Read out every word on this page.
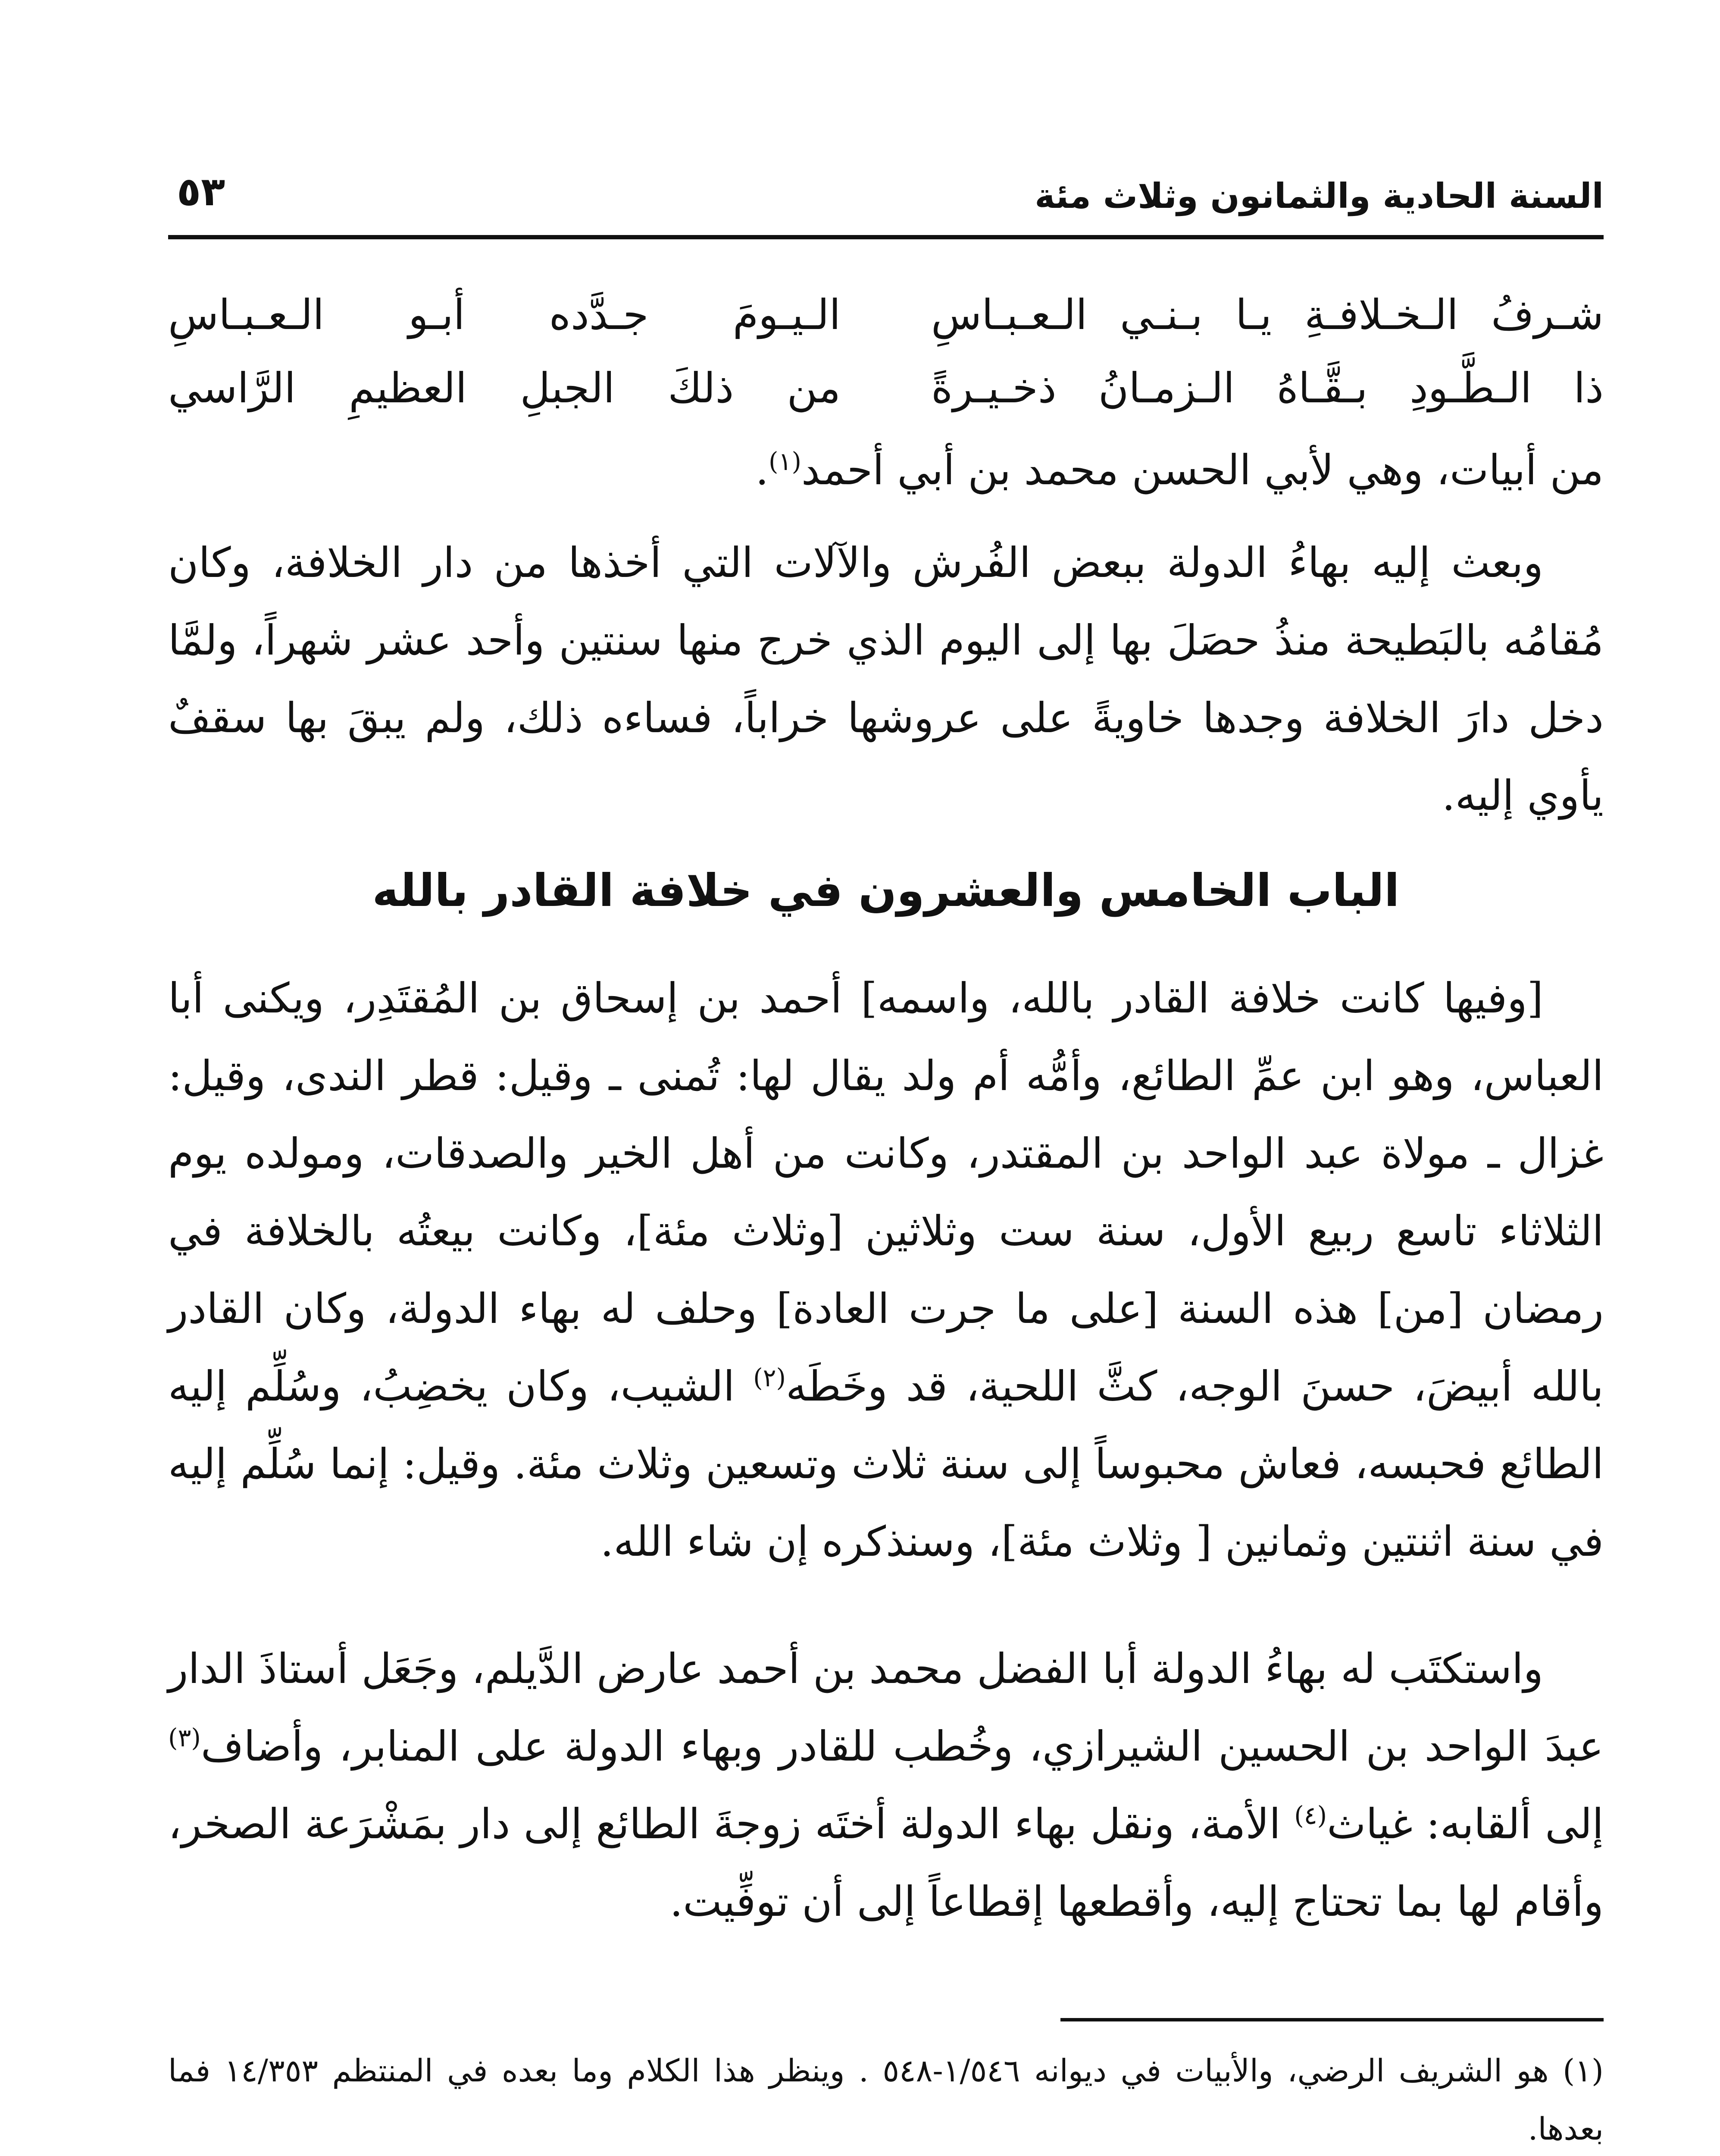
السنة الحادية والثمانون وثلاث مئة
٥٣
شـرفُ الـخـلافـةِ يـا بـنـي الـعـبـاسِ
الـيـومَ جـدَّده أبـو الـعـبـاسِ
ذا الـطَّـودِ بـقَّـاهُ الـزمـانُ ذخـيـرةً
من ذلكَ الجبلِ العظيمِ الرَّاسي

من أبيات، وهي لأبي الحسن محمد بن أبي أحمد$^{(١)}$.

وبعث إليه بهاءُ الدولة ببعض الفُرش والآلات التي أخذها من دار الخلافة، وكان مُقامُه بالبَطيحة منذُ حصَلَ بها إلى اليوم الذي خرج منها سنتين وأحد عشر شهراً، ولمَّا دخل دارَ الخلافة وجدها خاويةً على عروشها خراباً، فساءه ذلك، ولم يبقَ بها سقفٌ يأوي إليه.

الباب الخامس والعشرون في خلافة القادر بالله

[وفيها كانت خلافة القادر بالله، واسمه] أحمد بن إسحاق بن المُقتَدِر، ويكنى أبا العباس، وهو ابن عمِّ الطائع، وأمُّه أم ولد يقال لها: تُمنى ـ وقيل: قطر الندى، وقيل: غزال ـ مولاة عبد الواحد بن المقتدر، وكانت من أهل الخير والصدقات، ومولده يوم الثلاثاء تاسع ربيع الأول، سنة ست وثلاثين [وثلاث مئة]، وكانت بيعتُه بالخلافة في رمضان [من] هذه السنة [على ما جرت العادة] وحلف له بهاء الدولة، وكان القادر بالله أبيضَ، حسنَ الوجه، كثَّ اللحية، قد وخَطَه$^{(٢)}$ الشيب، وكان يخضِبُ، وسُلِّم إليه الطائع فحبسه، فعاش محبوساً إلى سنة ثلاث وتسعين وثلاث مئة. وقيل: إنما سُلِّم إليه في سنة اثنتين وثمانين [ وثلاث مئة]، وسنذكره إن شاء الله.

واستكتَب له بهاءُ الدولة أبا الفضل محمد بن أحمد عارض الدَّيلم، وجَعَل أستاذَ الدار عبدَ الواحد بن الحسين الشيرازي، وخُطب للقادر وبهاء الدولة على المنابر، وأضاف$^{(٣)}$ إلى ألقابه: غياث$^{(٤)}$ الأمة، ونقل بهاء الدولة أختَه زوجةَ الطائع إلى دار بمَشْرَعة الصخر، وأقام لها بما تحتاج إليه، وأقطعها إقطاعاً إلى أن توفِّيت.

(١) هو الشريف الرضي، والأبيات في ديوانه ١/٥٤٦-٥٤٨ . وينظر هذا الكلام وما بعده في المنتظم ١٤/٣٥٣ فما بعدها.
